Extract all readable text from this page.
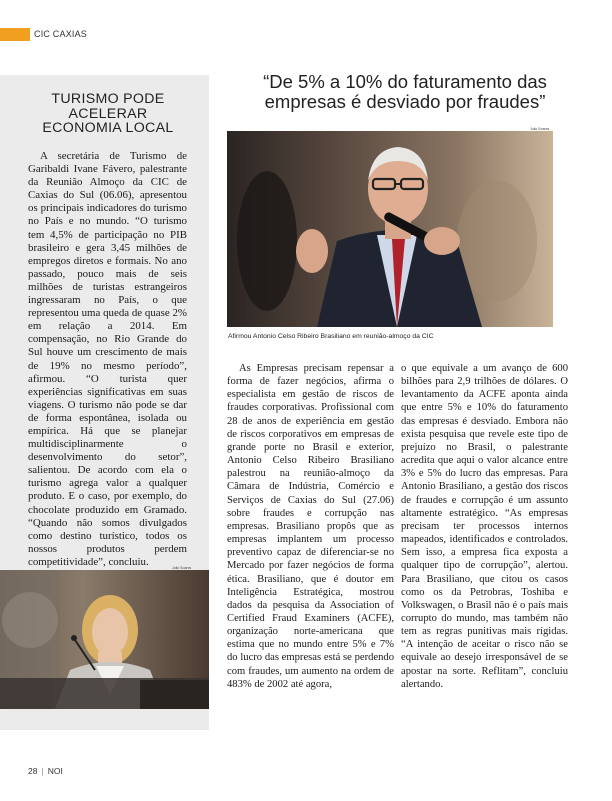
CIC CAXIAS
TURISMO PODE ACELERAR ECONOMIA LOCAL

A secretária de Turismo de Garibaldi Ivane Fávero, palestrante da Reunião Almoço da CIC de Caxias do Sul (06.06), apresentou os principais indicadores do turismo no País e no mundo. “O turismo tem 4,5% de participação no PIB brasileiro e gera 3,45 milhões de empregos diretos e formais. No ano passado, pouco mais de seis milhões de turistas estrangeiros ingressaram no País, o que representou uma queda de quase 2% em relação a 2014. Em compensação, no Rio Grande do Sul houve um crescimento de mais de 19% no mesmo período”, afirmou. “O turista quer experiências significativas em suas viagens. O turismo não pode se dar de forma espontânea, isolada ou empírica. Há que se planejar multidisciplinarmente o desenvolvimento do setor”, salientou. De acordo com ela o turismo agrega valor a qualquer produto. E o caso, por exemplo, do chocolate produzido em Gramado. “Quando não somos divulgados como destino turístico, todos os nossos produtos perdem competitividade”, concluiu.

Julio Soares
“De 5% a 10% do faturamento das empresas é desviado por fraudes”
Julio Soares
Afirmou Antonio Celso Ribeiro Brasiliano em reunião-almoço da CIC

As Empresas precisam repensar a forma de fazer negócios, afirma o especialista em gestão de riscos de fraudes corporativas. Profissional com 28 de anos de experiência em gestão de riscos corporativos em empresas de grande porte no Brasil e exterior, Antonio Celso Ribeiro Brasiliano palestrou na reunião-almoço da Câmara de Indústria, Comércio e Serviços de Caxias do Sul (27.06) sobre fraudes e corrupção nas empresas. Brasiliano propôs que as empresas implantem um processo preventivo capaz de diferenciar-se no Mercado por fazer negócios de forma ética. Brasiliano, que é doutor em Inteligência Estratégica, mostrou dados da pesquisa da Association of Certified Fraud Examiners (ACFE), organização norte-americana que estima que no mundo entre 5% e 7% do lucro das empresas está se perdendo com fraudes, um aumento na ordem de 483% de 2002 até agora,

o que equivale a um avanço de 600 bilhões para 2,9 trilhões de dólares. O levantamento da ACFE aponta ainda que entre 5% e 10% do faturamento das empresas é desviado. Embora não exista pesquisa que revele este tipo de prejuízo no Brasil, o palestrante acredita que aqui o valor alcance entre 3% e 5% do lucro das empresas. Para Antonio Brasiliano, a gestão dos riscos de fraudes e corrupção é um assunto altamente estratégico. “As empresas precisam ter processos internos mapeados, identificados e controlados. Sem isso, a empresa fica exposta a qualquer tipo de corrupção”, alertou. Para Brasiliano, que citou os casos como os da Petrobras, Toshiba e Volkswagen, o Brasil não é o país mais corrupto do mundo, mas também não tem as regras punitivas mais rígidas. “A intenção de aceitar o risco não se equivale ao desejo irresponsável de se apostar na sorte. Reflitam”, concluiu alertando.

28 | NOI
